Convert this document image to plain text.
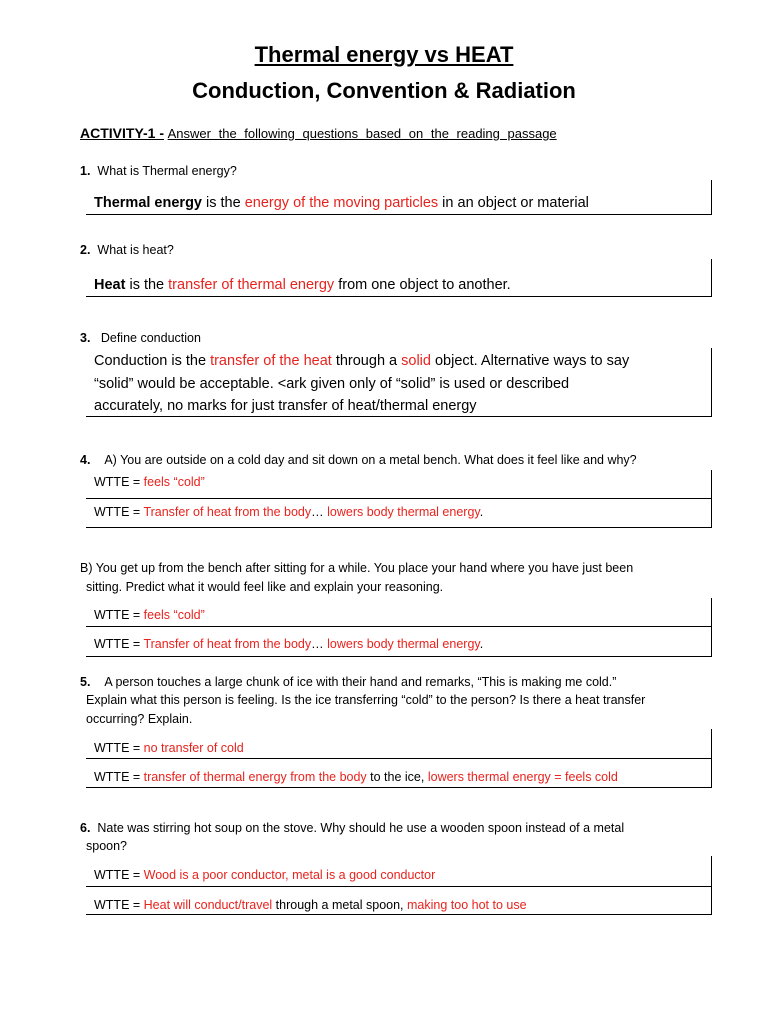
Thermal energy vs HEAT
Conduction, Convention & Radiation
ACTIVITY-1 - Answer the following questions based on the reading passage
1. What is Thermal energy?
Thermal energy is the energy of the moving particles in an object or material
2. What is heat?
Heat is the transfer of thermal energy from one object to another.
3. Define conduction
Conduction is the transfer of the heat through a solid object. Alternative ways to say
“solid” would be acceptable. <ark given only of “solid” is used or described
accurately, no marks for just transfer of heat/thermal energy
4. A) You are outside on a cold day and sit down on a metal bench. What does it feel like and why?
WTTE = feels “cold”
WTTE = Transfer of heat from the body… lowers body thermal energy.
B) You get up from the bench after sitting for a while. You place your hand where you have just been
sitting. Predict what it would feel like and explain your reasoning.
WTTE = feels “cold”
WTTE = Transfer of heat from the body… lowers body thermal energy.
5. A person touches a large chunk of ice with their hand and remarks, “This is making me cold.”
Explain what this person is feeling. Is the ice transferring “cold” to the person? Is there a heat transfer
occurring? Explain.
WTTE = no transfer of cold
WTTE = transfer of thermal energy from the body to the ice, lowers thermal energy = feels cold
6. Nate was stirring hot soup on the stove. Why should he use a wooden spoon instead of a metal
spoon?
WTTE = Wood is a poor conductor, metal is a good conductor
WTTE = Heat will conduct/travel through a metal spoon, making too hot to use
